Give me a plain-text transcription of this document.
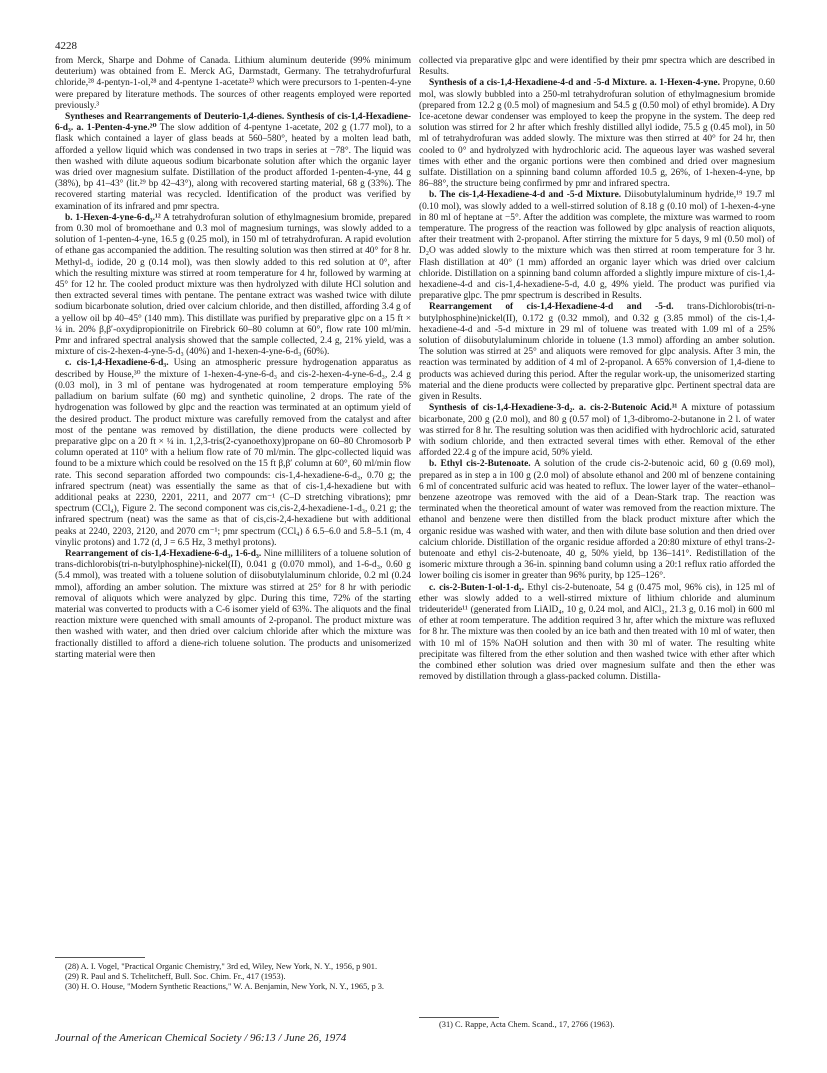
4228

from Merck, Sharpe and Dohme of Canada. Lithium aluminum deuteride (99% minimum deuterium) was obtained from E. Merck AG, Darmstadt, Germany. The tetrahydrofurfural chloride,²⁸ 4-pentyn-1-ol,²⁸ and 4-pentyne 1-acetate²³ which were precursors to 1-penten-4-yne were prepared by literature methods. The sources of other reagents employed were reported previously.³

Syntheses and Rearrangements of Deuterio-1,4-dienes. Synthesis of cis-1,4-Hexadiene-6-d₃. a. 1-Penten-4-yne.²⁰ The slow addition of 4-pentyne 1-acetate, 202 g (1.77 mol), to a flask which contained a layer of glass beads at 560–580°, heated by a molten lead bath, afforded a yellow liquid which was condensed in two traps in series at −78°. The liquid was then washed with dilute aqueous sodium bicarbonate solution after which the organic layer was dried over magnesium sulfate. Distillation of the product afforded 1-penten-4-yne, 44 g (38%), bp 41–43° (lit.²⁹ bp 42–43°), along with recovered starting material, 68 g (33%). The recovered starting material was recycled. Identification of the product was verified by examination of its infrared and pmr spectra.

b. 1-Hexen-4-yne-6-d₃.¹² A tetrahydrofuran solution of ethylmagnesium bromide, prepared from 0.30 mol of bromoethane and 0.3 mol of magnesium turnings, was slowly added to a solution of 1-penten-4-yne, 16.5 g (0.25 mol), in 150 ml of tetrahydrofuran. A rapid evolution of ethane gas accompanied the addition. The resulting solution was then stirred at 40° for 8 hr. Methyl-d₃ iodide, 20 g (0.14 mol), was then slowly added to this red solution at 0°, after which the resulting mixture was stirred at room temperature for 4 hr, followed by warming at 45° for 12 hr. The cooled product mixture was then hydrolyzed with dilute HCl solution and then extracted several times with pentane. The pentane extract was washed twice with dilute sodium bicarbonate solution, dried over calcium chloride, and then distilled, affording 3.4 g of a yellow oil bp 40–45° (140 mm). This distillate was purified by preparative glpc on a 15 ft × ¼ in. 20% β,β′-oxydipropionitrile on Firebrick 60–80 column at 60°, flow rate 100 ml/min. Pmr and infrared spectral analysis showed that the sample collected, 2.4 g, 21% yield, was a mixture of cis-2-hexen-4-yne-5-d₃ (40%) and 1-hexen-4-yne-6-d₃ (60%).

c. cis-1,4-Hexadiene-6-d₃. Using an atmospheric pressure hydrogenation apparatus as described by House,³⁰ the mixture of 1-hexen-4-yne-6-d₃ and cis-2-hexen-4-yne-6-d₃, 2.4 g (0.03 mol), in 3 ml of pentane was hydrogenated at room temperature employing 5% palladium on barium sulfate (60 mg) and synthetic quinoline, 2 drops. The rate of the hydrogenation was followed by glpc and the reaction was terminated at an optimum yield of the desired product. The product mixture was carefully removed from the catalyst and after most of the pentane was removed by distillation, the diene products were collected by preparative glpc on a 20 ft × ¼ in. 1,2,3-tris(2-cyanoethoxy)propane on 60–80 Chromosorb P column operated at 110° with a helium flow rate of 70 ml/min. The glpc-collected liquid was found to be a mixture which could be resolved on the 15 ft β,β′ column at 60°, 60 ml/min flow rate. This second separation afforded two compounds: cis-1,4-hexadiene-6-d₃, 0.70 g; the infrared spectrum (neat) was essentially the same as that of cis-1,4-hexadiene but with additional peaks at 2230, 2201, 2211, and 2077 cm⁻¹ (C–D stretching vibrations); pmr spectrum (CCl₄), Figure 2. The second component was cis,cis-2,4-hexadiene-1-d₃, 0.21 g; the infrared spectrum (neat) was the same as that of cis,cis-2,4-hexadiene but with additional peaks at 2240, 2203, 2120, and 2070 cm⁻¹; pmr spectrum (CCl₄) δ 6.5–6.0 and 5.8–5.1 (m, 4 vinylic protons) and 1.72 (d, J = 6.5 Hz, 3 methyl protons).

Rearrangement of cis-1,4-Hexadiene-6-d₃, 1-6-d₃. Nine milliliters of a toluene solution of trans-dichlorobis(tri-n-butylphosphine)-nickel(II), 0.041 g (0.070 mmol), and 1-6-d₃, 0.60 g (5.4 mmol), was treated with a toluene solution of diisobutylaluminum chloride, 0.2 ml (0.24 mmol), affording an amber solution. The mixture was stirred at 25° for 8 hr with periodic removal of aliquots which were analyzed by glpc. During this time, 72% of the starting material was converted to products with a C-6 isomer yield of 63%. The aliquots and the final reaction mixture were quenched with small amounts of 2-propanol. The product mixture was then washed with water, and then dried over calcium chloride after which the mixture was fractionally distilled to afford a diene-rich toluene solution. The products and unisomerized starting material were then

collected via preparative glpc and were identified by their pmr spectra which are described in Results.

Synthesis of a cis-1,4-Hexadiene-4-d and -5-d Mixture. a. 1-Hexen-4-yne. Propyne, 0.60 mol, was slowly bubbled into a 250-ml tetrahydrofuran solution of ethylmagnesium bromide (prepared from 12.2 g (0.5 mol) of magnesium and 54.5 g (0.50 mol) of ethyl bromide). A Dry Ice-acetone dewar condenser was employed to keep the propyne in the system. The deep red solution was stirred for 2 hr after which freshly distilled allyl iodide, 75.5 g (0.45 mol), in 50 ml of tetrahydrofuran was added slowly. The mixture was then stirred at 40° for 24 hr, then cooled to 0° and hydrolyzed with hydrochloric acid. The aqueous layer was washed several times with ether and the organic portions were then combined and dried over magnesium sulfate. Distillation on a spinning band column afforded 10.5 g, 26%, of 1-hexen-4-yne, bp 86–88°, the structure being confirmed by pmr and infrared spectra.

b. The cis-1,4-Hexadiene-4-d and -5-d Mixture. Diisobutylaluminum hydride,¹⁹ 19.7 ml (0.10 mol), was slowly added to a well-stirred solution of 8.18 g (0.10 mol) of 1-hexen-4-yne in 80 ml of heptane at −5°. After the addition was complete, the mixture was warmed to room temperature. The progress of the reaction was followed by glpc analysis of reaction aliquots, after their treatment with 2-propanol. After stirring the mixture for 5 days, 9 ml (0.50 mol) of D₂O was added slowly to the mixture which was then stirred at room temperature for 3 hr. Flash distillation at 40° (1 mm) afforded an organic layer which was dried over calcium chloride. Distillation on a spinning band column afforded a slightly impure mixture of cis-1,4-hexadiene-4-d and cis-1,4-hexadiene-5-d, 4.0 g, 49% yield. The product was purified via preparative glpc. The pmr spectrum is described in Results.

Rearrangement of cis-1,4-Hexadiene-4-d and -5-d. trans-Dichlorobis(tri-n-butylphosphine)nickel(II), 0.172 g (0.32 mmol), and 0.32 g (3.85 mmol) of the cis-1,4-hexadiene-4-d and -5-d mixture in 29 ml of toluene was treated with 1.09 ml of a 25% solution of diisobutylaluminum chloride in toluene (1.3 mmol) affording an amber solution. The solution was stirred at 25° and aliquots were removed for glpc analysis. After 3 min, the reaction was terminated by addition of 4 ml of 2-propanol. A 65% conversion of 1,4-diene to products was achieved during this period. After the regular work-up, the unisomerized starting material and the diene products were collected by preparative glpc. Pertinent spectral data are given in Results.

Synthesis of cis-1,4-Hexadiene-3-d₂. a. cis-2-Butenoic Acid.³¹ A mixture of potassium bicarbonate, 200 g (2.0 mol), and 80 g (0.57 mol) of 1,3-dibromo-2-butanone in 2 l. of water was stirred for 8 hr. The resulting solution was then acidified with hydrochloric acid, saturated with sodium chloride, and then extracted several times with ether. Removal of the ether afforded 22.4 g of the impure acid, 50% yield.

b. Ethyl cis-2-Butenoate. A solution of the crude cis-2-butenoic acid, 60 g (0.69 mol), prepared as in step a in 100 g (2.0 mol) of absolute ethanol and 200 ml of benzene containing 6 ml of concentrated sulfuric acid was heated to reflux. The lower layer of the water–ethanol–benzene azeotrope was removed with the aid of a Dean-Stark trap. The reaction was terminated when the theoretical amount of water was removed from the reaction mixture. The ethanol and benzene were then distilled from the black product mixture after which the organic residue was washed with water, and then with dilute base solution and then dried over calcium chloride. Distillation of the organic residue afforded a 20:80 mixture of ethyl trans-2-butenoate and ethyl cis-2-butenoate, 40 g, 50% yield, bp 136–141°. Redistillation of the isomeric mixture through a 36-in. spinning band column using a 20:1 reflux ratio afforded the lower boiling cis isomer in greater than 96% purity, bp 125–126°.

c. cis-2-Buten-1-ol-1-d₂. Ethyl cis-2-butenoate, 54 g (0.475 mol, 96% cis), in 125 ml of ether was slowly added to a well-stirred mixture of lithium chloride and aluminum trideuteride¹¹ (generated from LiAlD₄, 10 g, 0.24 mol, and AlCl₃, 21.3 g, 0.16 mol) in 600 ml of ether at room temperature. The addition required 3 hr, after which the mixture was refluxed for 8 hr. The mixture was then cooled by an ice bath and then treated with 10 ml of water, then with 10 ml of 15% NaOH solution and then with 30 ml of water. The resulting white precipitate was filtered from the ether solution and then washed twice with ether after which the combined ether solution was dried over magnesium sulfate and then the ether was removed by distillation through a glass-packed column. Distilla-

(28) A. I. Vogel, "Practical Organic Chemistry," 3rd ed, Wiley, New York, N. Y., 1956, p 901.
(29) R. Paul and S. Tchelitcheff, Bull. Soc. Chim. Fr., 417 (1953).
(30) H. O. House, "Modern Synthetic Reactions," W. A. Benjamin, New York, N. Y., 1965, p 3.
(31) C. Rappe, Acta Chem. Scand., 17, 2766 (1963).
Journal of the American Chemical Society / 96:13 / June 26, 1974
